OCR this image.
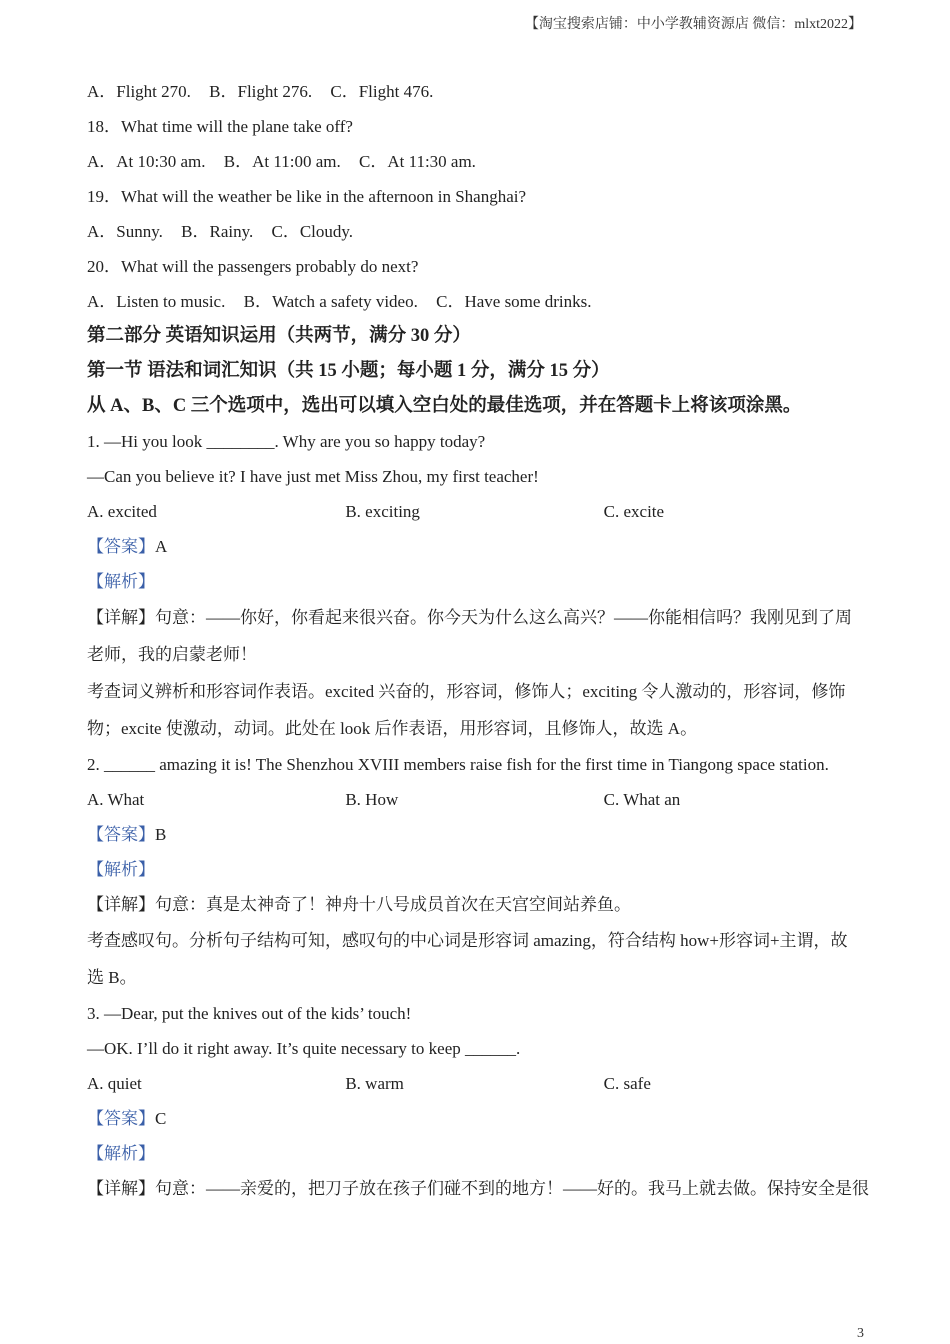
【淘宝搜索店铺：中小学教辅资源店 微信：mlxt2022】
A．Flight 270. B．Flight 276. C．Flight 476.
18．What time will the plane take off?
A．At 10:30 am. B．At 11:00 am. C．At 11:30 am.
19．What will the weather be like in the afternoon in Shanghai?
A．Sunny. B．Rainy. C．Cloudy.
20．What will the passengers probably do next?
A．Listen to music. B．Watch a safety video. C．Have some drinks.
第二部分 英语知识运用（共两节，满分 30 分）
第一节 语法和词汇知识（共 15 小题；每小题 1 分，满分 15 分）
从 A、B、C 三个选项中，选出可以填入空白处的最佳选项，并在答题卡上将该项涂黑。
1. —Hi you look ________. Why are you so happy today?
—Can you believe it? I have just met Miss Zhou, my first teacher!
A. excited	B. exciting	C. excite
【答案】A
【解析】
【详解】句意：——你好，你看起来很兴奋。你今天为什么这么高兴？——你能相信吗？我刚见到了周老师，我的启蒙老师！
考查词义辨析和形容词作表语。excited 兴奋的，形容词，修饰人；exciting 令人激动的，形容词，修饰物；excite 使激动，动词。此处在 look 后作表语，用形容词，且修饰人，故选 A。
2. ______ amazing it is! The Shenzhou XVIII members raise fish for the first time in Tiangong space station.
A. What	B. How	C. What an
【答案】B
【解析】
【详解】句意：真是太神奇了！神舟十八号成员首次在天宫空间站养鱼。
考查感叹句。分析句子结构可知，感叹句的中心词是形容词 amazing，符合结构 how+形容词+主谓，故选 B。
3. —Dear, put the knives out of the kids’ touch!
—OK. I’ll do it right away. It’s quite necessary to keep ______.
A. quiet	B. warm	C. safe
【答案】C
【解析】
【详解】句意：——亲爱的，把刀子放在孩子们碰不到的地方！——好的。我马上就去做。保持安全是很
3
